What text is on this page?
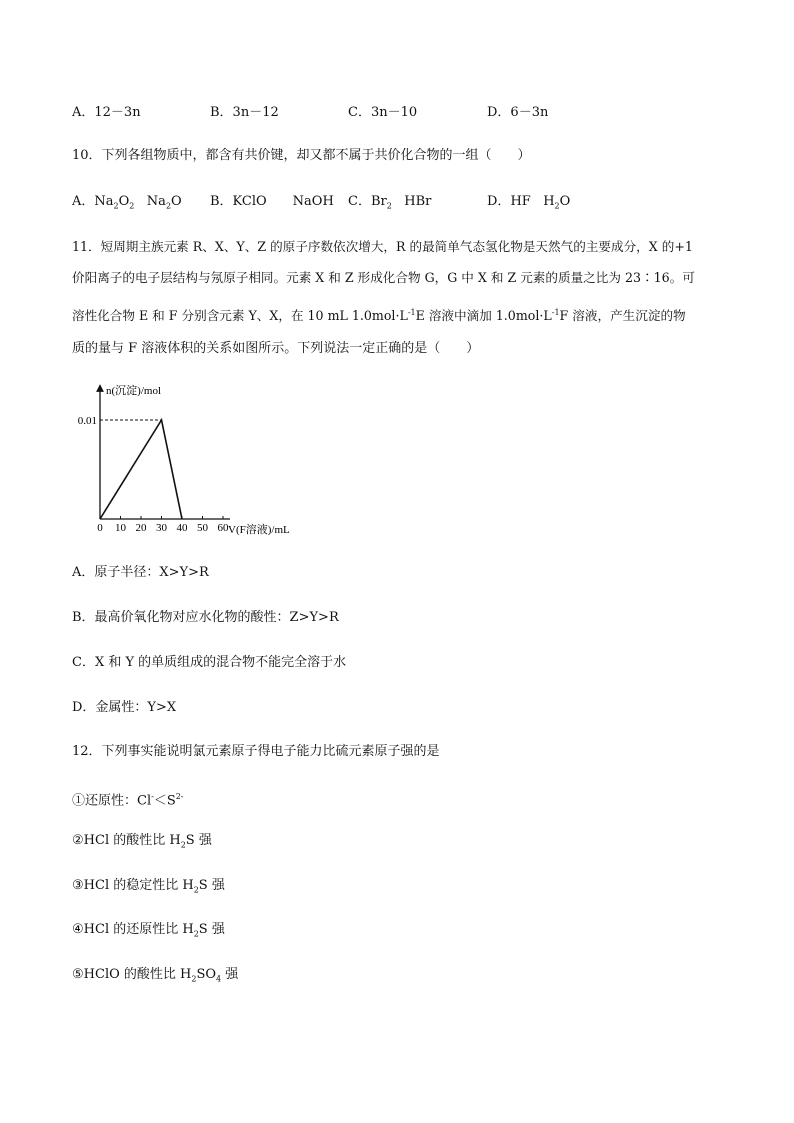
A．12－3n	B．3n－12	C．3n－10	D．6－3n
10．下列各组物质中，都含有共价键，却又都不属于共价化合物的一组（　　）
A．$Na_2O_2$ $Na_2O$ B．KClO　　NaOH C．$Br_2$ HBr	D．HF $H_2O$
11．短周期主族元素 R、X、Y、Z 的原子序数依次增大，R 的最简单气态氢化物是天然气的主要成分，X 的+1
价阳离子的电子层结构与氖原子相同。元素 X 和 Z 形成化合物 G，G 中 X 和 Z 元素的质量之比为 23∶16。可
溶性化合物 E 和 F 分别含元素 Y、X，在 10 mL $1.0mol\cdot L^{-1}E$ 溶液中滴加 $1.0mol\cdot L^{-1}F$ 溶液，产生沉淀的物
质的量与 F 溶液体积的关系如图所示。下列说法一定正确的是（　　）
n(沉淀)/mol
V(F溶液)/mL
0 10 20 30 40 50 60
0.01
A．原子半径：X>Y>R
B．最高价氧化物对应水化物的酸性：Z>Y>R
C．X 和 Y 的单质组成的混合物不能完全溶于水
D．金属性：Y>X
12．下列事实能说明氯元素原子得电子能力比硫元素原子强的是
①还原性：$Cl^-<S^{2-}$
②HCl 的酸性比 $H_2S$ 强
③HCl 的稳定性比 $H_2S$ 强
④HCl 的还原性比 $H_2S$ 强
⑤HClO 的酸性比 $H_2SO_4$ 强
